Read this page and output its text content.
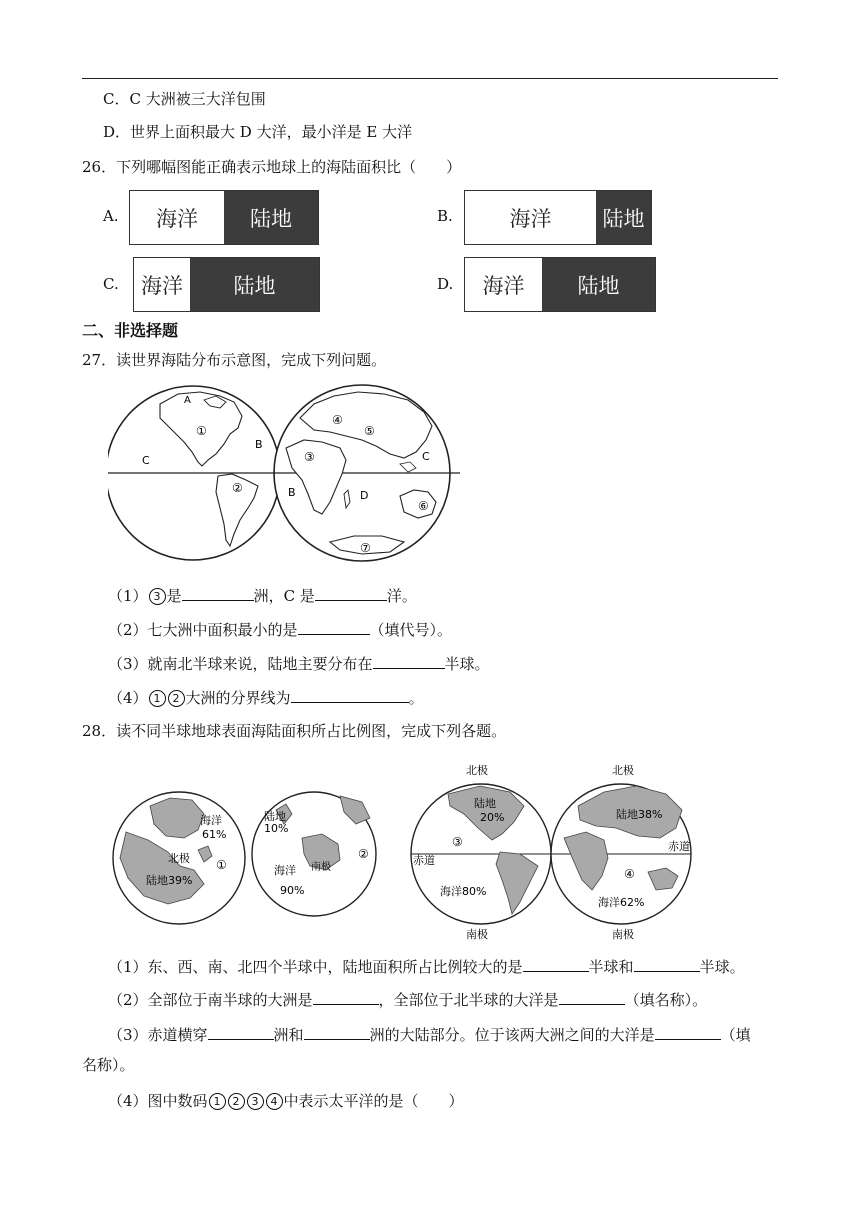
C．C 大洲被三大洋包围
D．世界上面积最大 D 大洋，最小洋是 E 大洋
26．下列哪幅图能正确表示地球上的海陆面积比（　　）
A.	海洋	陆地	B.	海洋	陆地
C.	海洋	陆地	D.	海洋	陆地
二、非选择题
27．读世界海陆分布示意图，完成下列问题。
A
B
C
①
②
③
④
⑤
C
B	D
⑥
⑦
（1） 3 是	洲，C 是	洋。
（2）七大洲中面积最小的是	（填代号）。
（3）就南北半球来说，陆地主要分布在	半球。
（4） 1 2 大洲的分界线为	。
28．读不同半球地球表面海陆面积所占比例图，完成下列各题。
海洋
61%
北极
陆地39%
①
陆地
10%
南极
海洋
90%
②
陆地
20%
③
赤道
海洋80%
北极
南极
陆地38%
赤道
④
海洋62%
北极
南极
（1）东、西、南、北四个半球中，陆地面积所占比例较大的是	半球和	半球。
（2）全部位于南半球的大洲是	，全部位于北半球的大洋是	（填名称）。
（3）赤道横穿	洲和	洲的大陆部分。位于该两大洲之间的大洋是	（填
名称）。
（4）图中数码 1 2 3 4 中表示太平洋的是（　　）
